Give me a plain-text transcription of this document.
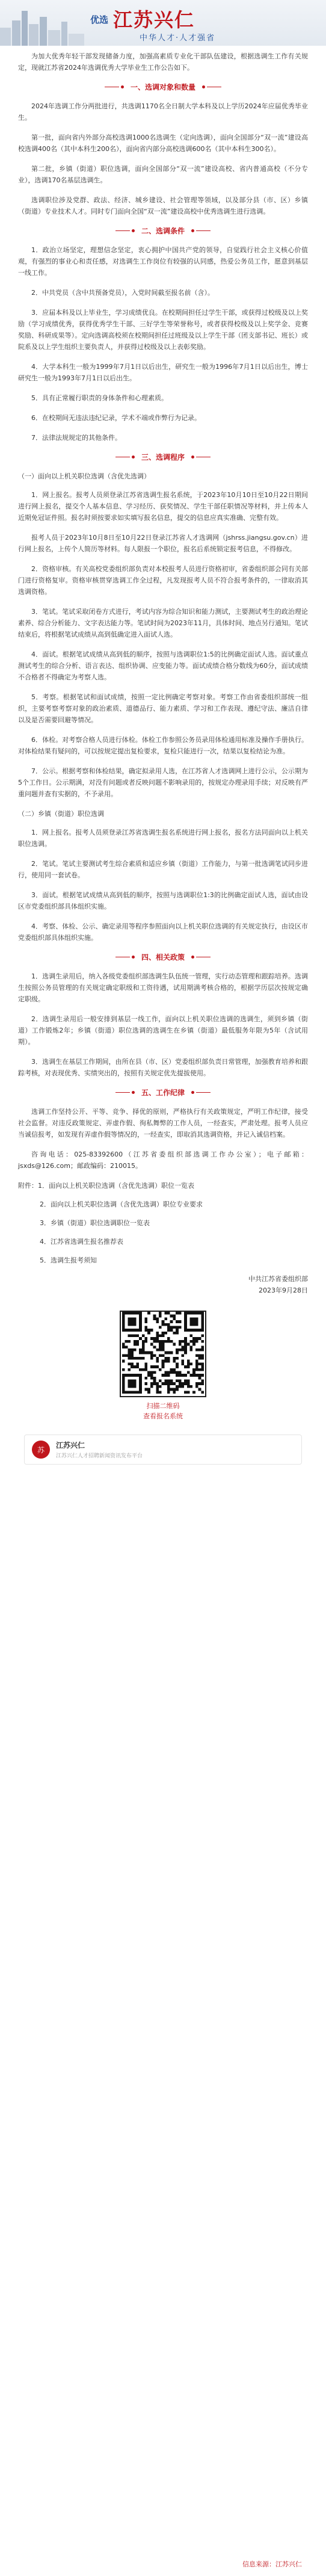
优选 江苏兴仁
中华人才·人才强省

为加大优秀年轻干部发现储备力度，加强高素质专业化干部队伍建设，根据选调生工作有关规定，现就江苏省2024年选调优秀大学毕业生工作公告如下。

一、选调对象和数量

2024年选调工作分两批进行，共选调1170名全日制大学本科及以上学历2024年应届优秀毕业生。

第一批，面向省内外部分高校选调1000名选调生（定向选调），面向全国部分“双一流”建设高校选调400名（其中本科生200名），面向省内部分高校选调600名（其中本科生300名）。

第二批，乡镇（街道）职位选调，面向全国部分“双一流”建设高校、省内普通高校（不分专业），选调170名基层选调生。

选调职位涉及党群、政法、经济、城乡建设、社会管理等领域，以及部分县（市、区）乡镇（街道）专业技术人才。同时专门面向全国“双一流”建设高校中优秀选调生进行选调。

二、选调条件

1．政治立场坚定，理想信念坚定，衷心拥护中国共产党的领导，自觉践行社会主义核心价值观，有强烈的事业心和责任感，对选调生工作岗位有较强的认同感，热爱公务员工作，愿意到基层一线工作。

2．中共党员（含中共预备党员），入党时间截至报名前（含）。

3．应届本科及以上毕业生，学习成绩优良。在校期间担任过学生干部，或获得过校级及以上奖励（学习成绩优秀，获得优秀学生干部、三好学生等荣誉称号，或者获得校级及以上奖学金、竞赛奖励、科研成果等）。定向选调高校须在校期间担任过班级及以上学生干部（团支部书记、班长）或院系及以上学生组织主要负责人，并获得过校级及以上表彰奖励。

4．大学本科生一般为1999年7月1日以后出生，研究生一般为1996年7月1日以后出生，博士研究生一般为1993年7月1日以后出生。

5．具有正常履行职责的身体条件和心理素质。

6．在校期间无违法违纪记录，学术不端或作弊行为记录。

7．法律法规规定的其他条件。

三、选调程序

（一）面向以上机关职位选调（含优先选调）

1．网上报名。报考人员须登录江苏省选调生报名系统，于2023年10月10日至10月22日期间进行网上报名，提交个人基本信息、学习经历、获奖情况、学生干部任职情况等材料，并上传本人近期免冠证件照。报名时须按要求如实填写报名信息，提交的信息应真实准确、完整有效。

报考人员于2023年10月8日至10月22日登录江苏省人才选调网（jshrss.jiangsu.gov.cn）进行网上报名，上传个人简历等材料。每人限报一个职位，报名后系统锁定报考信息，不得修改。

2．资格审核。有关高校党委组织部负责对本校报考人员进行资格初审，省委组织部会同有关部门进行资格复审。资格审核贯穿选调工作全过程，凡发现报考人员不符合报考条件的，一律取消其选调资格。

3．笔试。笔试采取闭卷方式进行，考试内容为综合知识和能力测试，主要测试考生的政治理论素养、综合分析能力、文字表达能力等。笔试时间为2023年11月，具体时间、地点另行通知。笔试结束后，将根据笔试成绩从高到低确定进入面试人选。

4．面试。根据笔试成绩从高到低的顺序，按照与选调职位1:5的比例确定面试人选。面试重点测试考生的综合分析、语言表达、组织协调、应变能力等。面试成绩合格分数线为60分，面试成绩不合格者不得确定为考察人选。

5．考察。根据笔试和面试成绩，按照一定比例确定考察对象。考察工作由省委组织部统一组织，主要考察考察对象的政治素质、道德品行、能力素质、学习和工作表现、遵纪守法、廉洁自律以及是否需要回避等情况。

6．体检。对考察合格人员进行体检。体检工作参照公务员录用体检通用标准及操作手册执行。对体检结果有疑问的，可以按规定提出复检要求，复检只能进行一次，结果以复检结论为准。

7．公示。根据考察和体检结果，确定拟录用人选，在江苏省人才选调网上进行公示，公示期为5个工作日。公示期满，对没有问题或者反映问题不影响录用的，按规定办理录用手续；对反映有严重问题并查有实据的，不予录用。

（二）乡镇（街道）职位选调

1．网上报名。报考人员须登录江苏省选调生报名系统进行网上报名，报名方法同面向以上机关职位选调。

2．笔试。笔试主要测试考生综合素质和适应乡镇（街道）工作能力，与第一批选调笔试同步进行，使用同一套试卷。

3．面试。根据笔试成绩从高到低的顺序，按照与选调职位1:3的比例确定面试人选，面试由设区市党委组织部具体组织实施。

4．考察、体检、公示、确定录用等程序参照面向以上机关职位选调的有关规定执行，由设区市党委组织部具体组织实施。

四、相关政策

1．选调生录用后，纳入各级党委组织部选调生队伍统一管理，实行动态管理和跟踪培养。选调生按照公务员管理的有关规定确定职级和工资待遇，试用期满考核合格的，根据学历层次按规定确定职级。

2．选调生录用后一般安排到基层一线工作，面向以上机关职位选调的选调生，须到乡镇（街道）工作锻炼2年；乡镇（街道）职位选调的选调生在乡镇（街道）最低服务年限为5年（含试用期）。

3．选调生在基层工作期间，由所在县（市、区）党委组织部负责日常管理，加强教育培养和跟踪考核，对表现优秀、实绩突出的，按照有关规定优先提拔使用。

五、工作纪律

选调工作坚持公开、平等、竞争、择优的原则，严格执行有关政策规定，严明工作纪律，接受社会监督。对违反政策规定、弄虚作假、徇私舞弊的工作人员，一经查实，严肃处理。报考人员应当诚信报考，如发现有弄虚作假等情况的，一经查实，即取消其选调资格，并记入诚信档案。

咨询电话：025-83392600（江苏省委组织部选调工作办公室）；电子邮箱：jsxds@126.com；邮政编码：210015。

附件：1．面向以上机关职位选调（含优先选调）职位一览表

2．面向以上机关职位选调（含优先选调）职位专业要求

3．乡镇（街道）职位选调职位一览表

4．江苏省选调生报名推荐表

5．选调生报考须知

中共江苏省委组织部
2023年9月28日
扫描二维码
查看报名系统
苏
江苏兴仁
江苏兴仁人才招聘新闻资讯发布平台
信息来源：江苏兴仁
